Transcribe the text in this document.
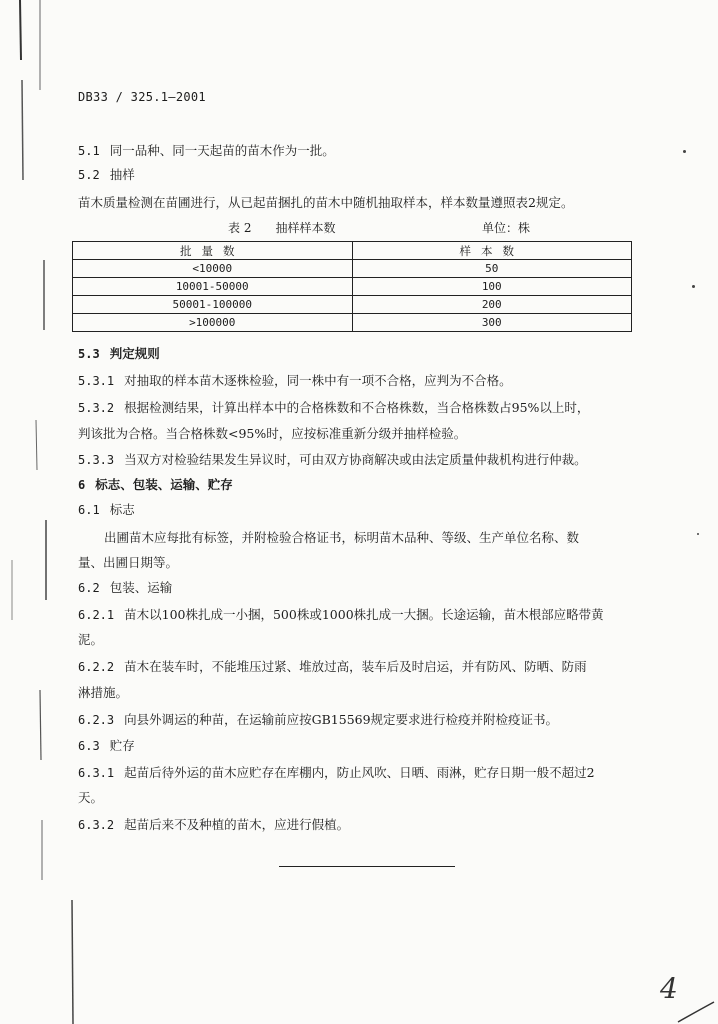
DB33 / 325.1—2001
5.1 同一品种、同一天起苗的苗木作为一批。
5.2 抽样
苗木质量检测在苗圃进行，从已起苗捆扎的苗木中随机抽取样本，样本数量遵照表2规定。
表 2　　抽样样本数	单位：株
批量数	样本数
<10000	50
10001-50000	100
50001-100000	200
>100000	300
5.3 判定规则
5.3.1 对抽取的样本苗木逐株检验，同一株中有一项不合格，应判为不合格。
5.3.2 根据检测结果，计算出样本中的合格株数和不合格株数，当合格株数占95%以上时，
判该批为合格。当合格株数<95%时，应按标准重新分级并抽样检验。
5.3.3 当双方对检验结果发生异议时，可由双方协商解决或由法定质量仲裁机构进行仲裁。
6 标志、包装、运输、贮存
6.1 标志
出圃苗木应每批有标签，并附检验合格证书，标明苗木品种、等级、生产单位名称、数
量、出圃日期等。
6.2 包装、运输
6.2.1 苗木以100株扎成一小捆，500株或1000株扎成一大捆。长途运输，苗木根部应略带黄
泥。
6.2.2 苗木在装车时，不能堆压过紧、堆放过高，装车后及时启运，并有防风、防晒、防雨
淋措施。
6.2.3 向县外调运的种苗，在运输前应按GB15569规定要求进行检疫并附检疫证书。
6.3 贮存
6.3.1 起苗后待外运的苗木应贮存在库棚内，防止风吹、日晒、雨淋，贮存日期一般不超过2
天。
6.3.2 起苗后来不及种植的苗木，应进行假植。
4
